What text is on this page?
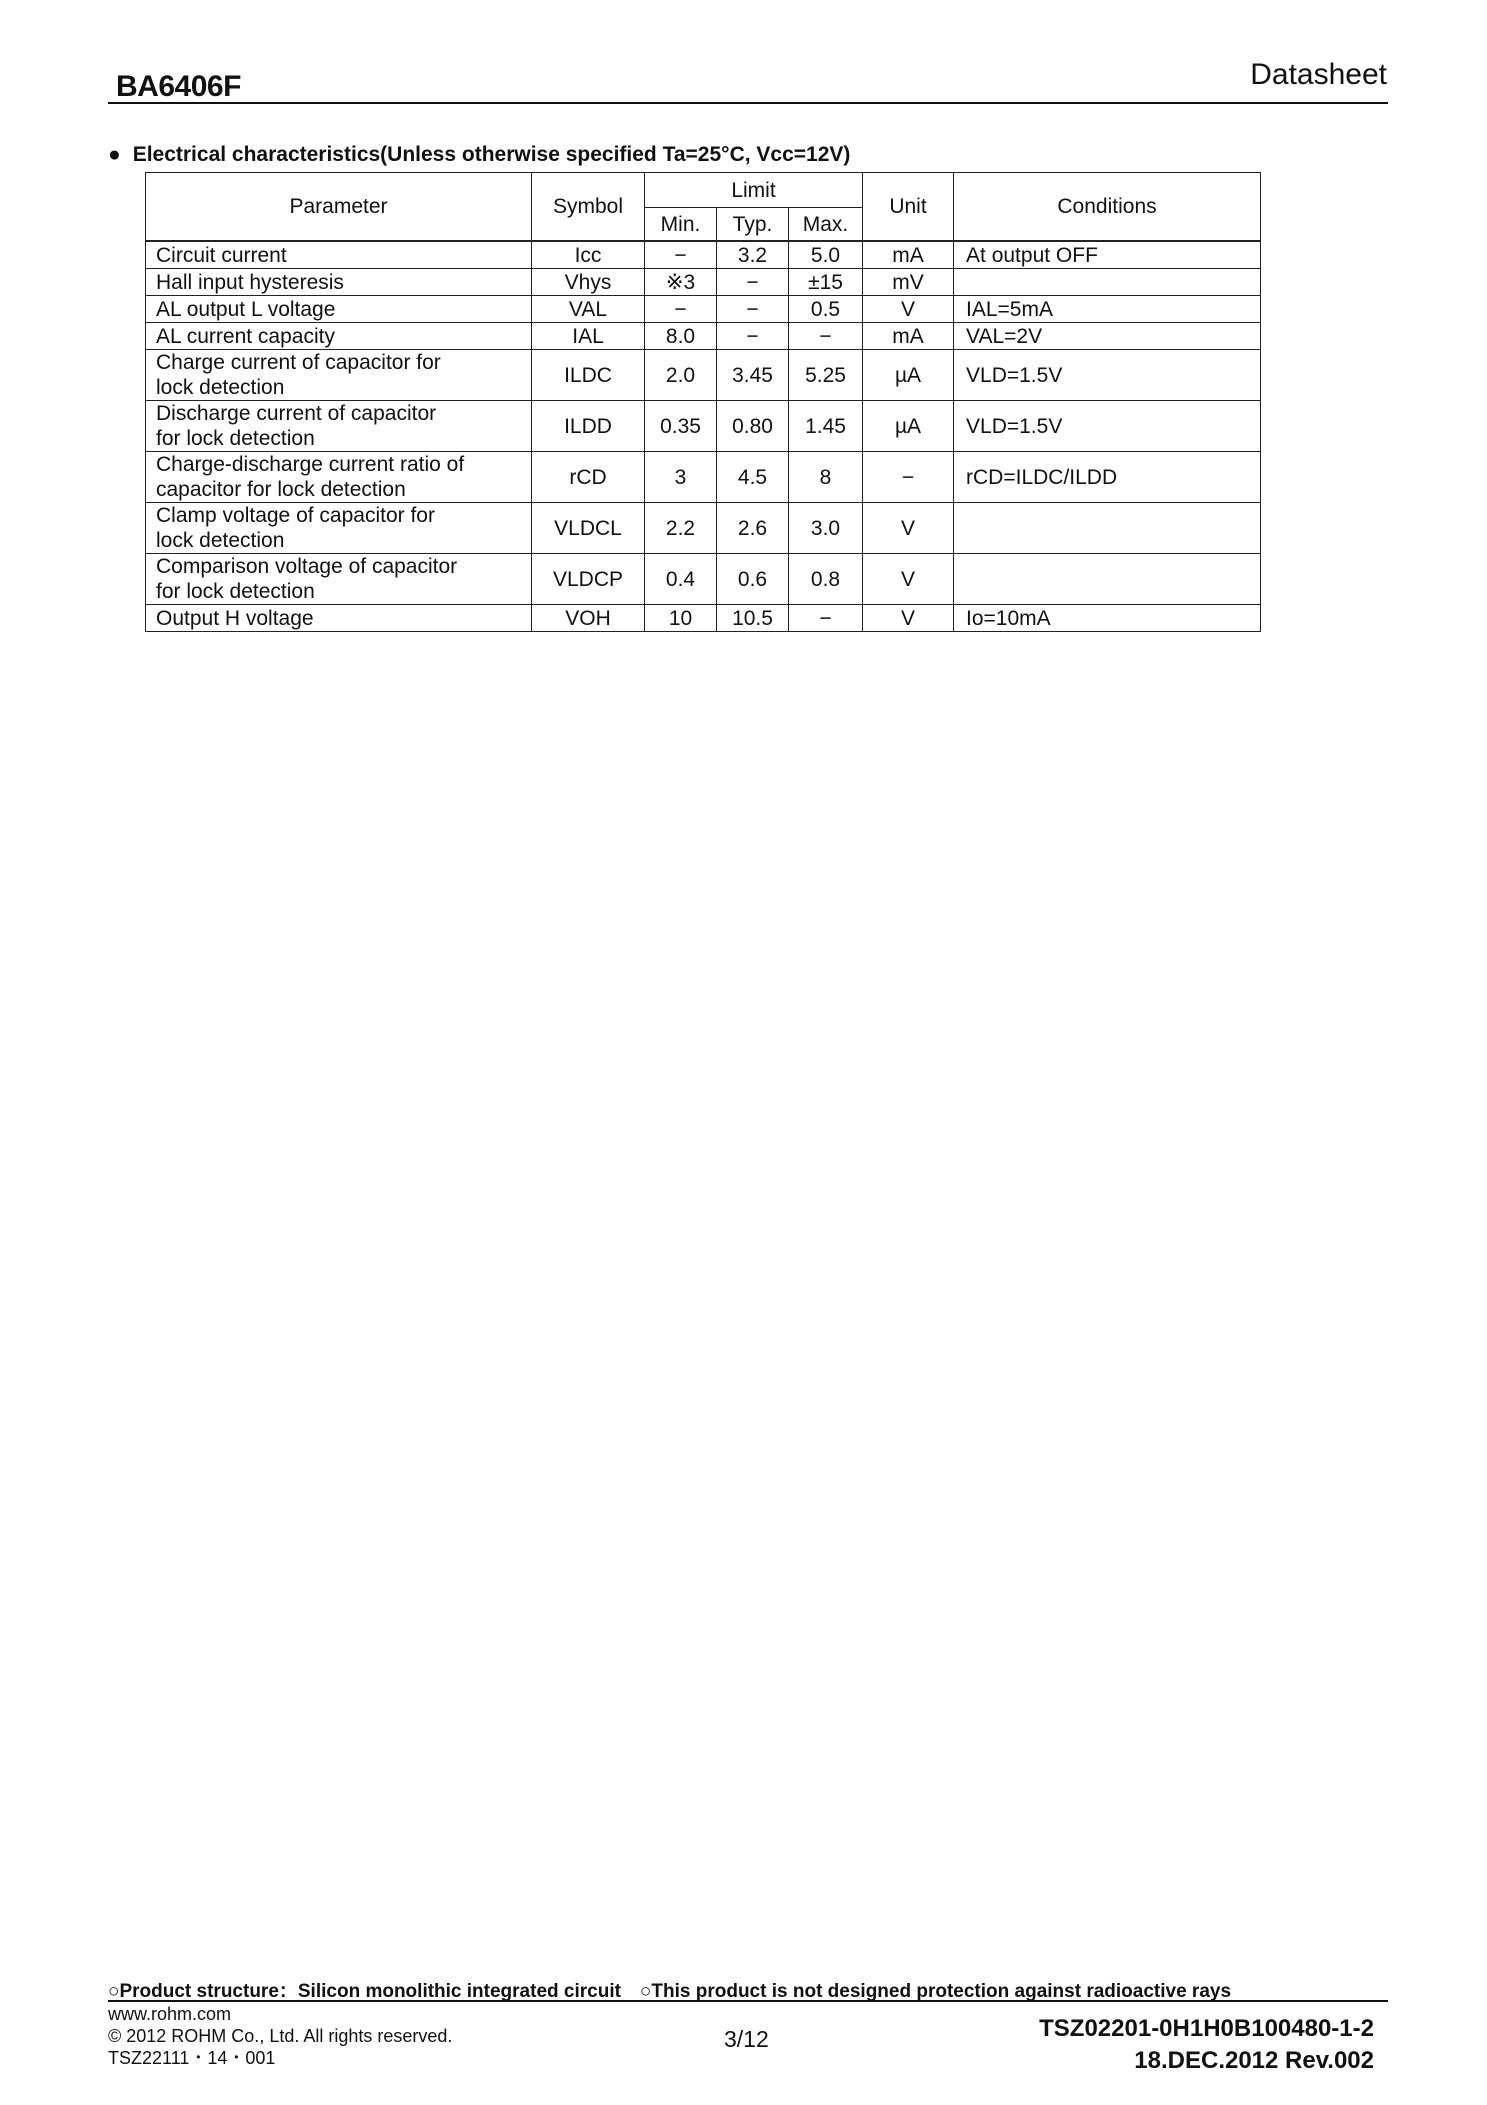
BA6406F	Datasheet
● Electrical characteristics(Unless otherwise specified Ta=25°C, Vcc=12V)
Parameter	Symbol	Limit			Unit	Conditions
		Min.	Typ.	Max.		

Circuit current	Icc	−	3.2	5.0	mA	At output OFF

Hall input hysteresis	Vhys	※3	−	±15	mV	

AL output L voltage	VAL	−	−	0.5	V	IAL=5mA

AL current capacity	IAL	8.0	−	−	mA	VAL=2V

Charge current of capacitor for
lock detection	ILDC	2.0	3.45	5.25	µA	VLD=1.5V

Discharge current of capacitor
for lock detection	ILDD	0.35	0.80	1.45	µA	VLD=1.5V

Charge-discharge current ratio of
capacitor for lock detection	rCD	3	4.5	8	−	rCD=ILDC/ILDD

Clamp voltage of capacitor for
lock detection	VLDCL	2.2	2.6	3.0	V	

Comparison voltage of capacitor
for lock detection	VLDCP	0.4	0.6	0.8	V	

Output H voltage	VOH	10	10.5	−	V	Io=10mA
○Product structure：Silicon monolithic integrated circuit　○This product is not designed protection against radioactive rays
www.rohm.com
© 2012 ROHM Co., Ltd. All rights reserved.
TSZ22111・14・001
3/12	TSZ02201-0H1H0B100480-1-2
18.DEC.2012 Rev.002
